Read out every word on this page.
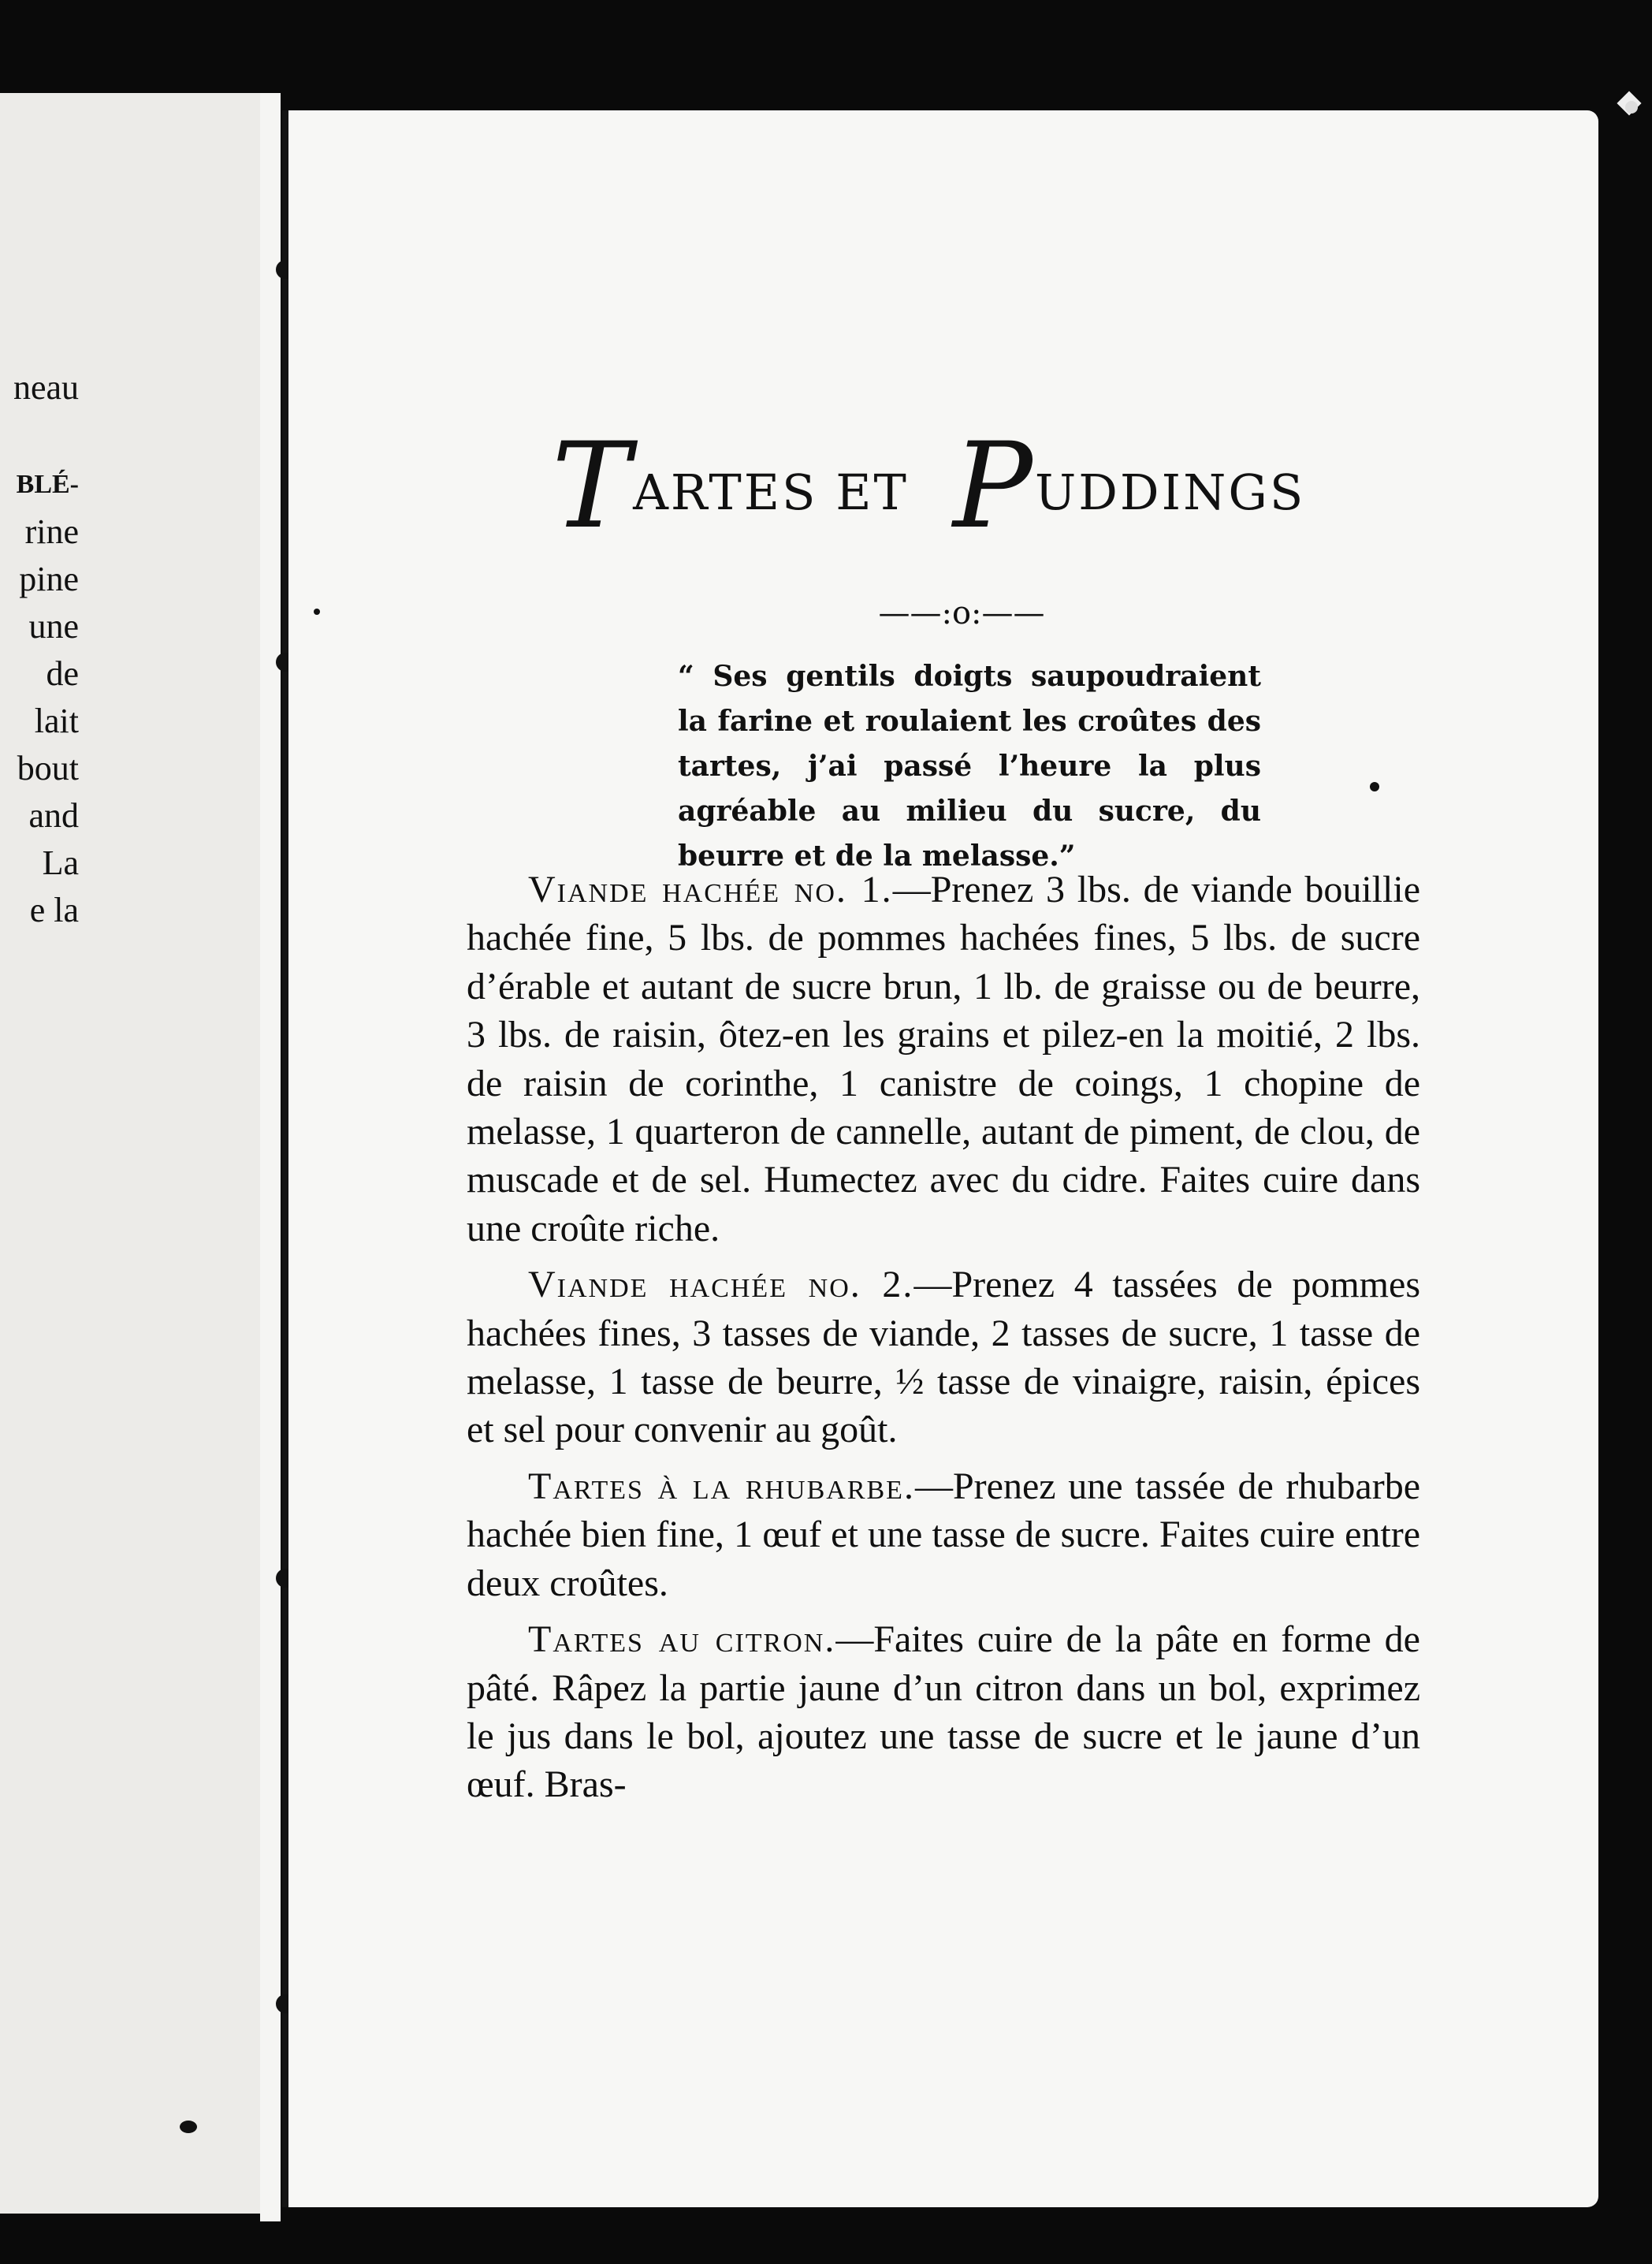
neau
BLÉ-
rine
pine
une
de
lait
bout
and
La
e la
TARTES ET PUDDINGS
——:o:——
“ Ses gentils doigts saupoudraient la farine et roulaient les croûtes des tartes, j’ai passé l’heure la plus agréable au milieu du sucre, du beurre et de la melasse.”

Viande hachée no. 1.—Prenez 3 lbs. de viande bouillie hachée fine, 5 lbs. de pommes hachées fines, 5 lbs. de sucre d’érable et autant de sucre brun, 1 lb. de graisse ou de beurre, 3 lbs. de raisin, ôtez-en les grains et pilez-en la moitié, 2 lbs. de raisin de corinthe, 1 canistre de coings, 1 chopine de melasse, 1 quarteron de cannelle, autant de piment, de clou, de muscade et de sel. Humectez avec du cidre. Faites cuire dans une croûte riche.

Viande hachée no. 2.—Prenez 4 tassées de pommes hachées fines, 3 tasses de viande, 2 tasses de sucre, 1 tasse de melasse, 1 tasse de beurre, ½ tasse de vinaigre, raisin, épices et sel pour convenir au goût.

Tartes à la rhubarbe.—Prenez une tassée de rhubarbe hachée bien fine, 1 œuf et une tasse de sucre. Faites cuire entre deux croûtes.

Tartes au citron.—Faites cuire de la pâte en forme de pâté. Râpez la partie jaune d’un citron dans un bol, exprimez le jus dans le bol, ajoutez une tasse de sucre et le jaune d’un œuf. Bras-
